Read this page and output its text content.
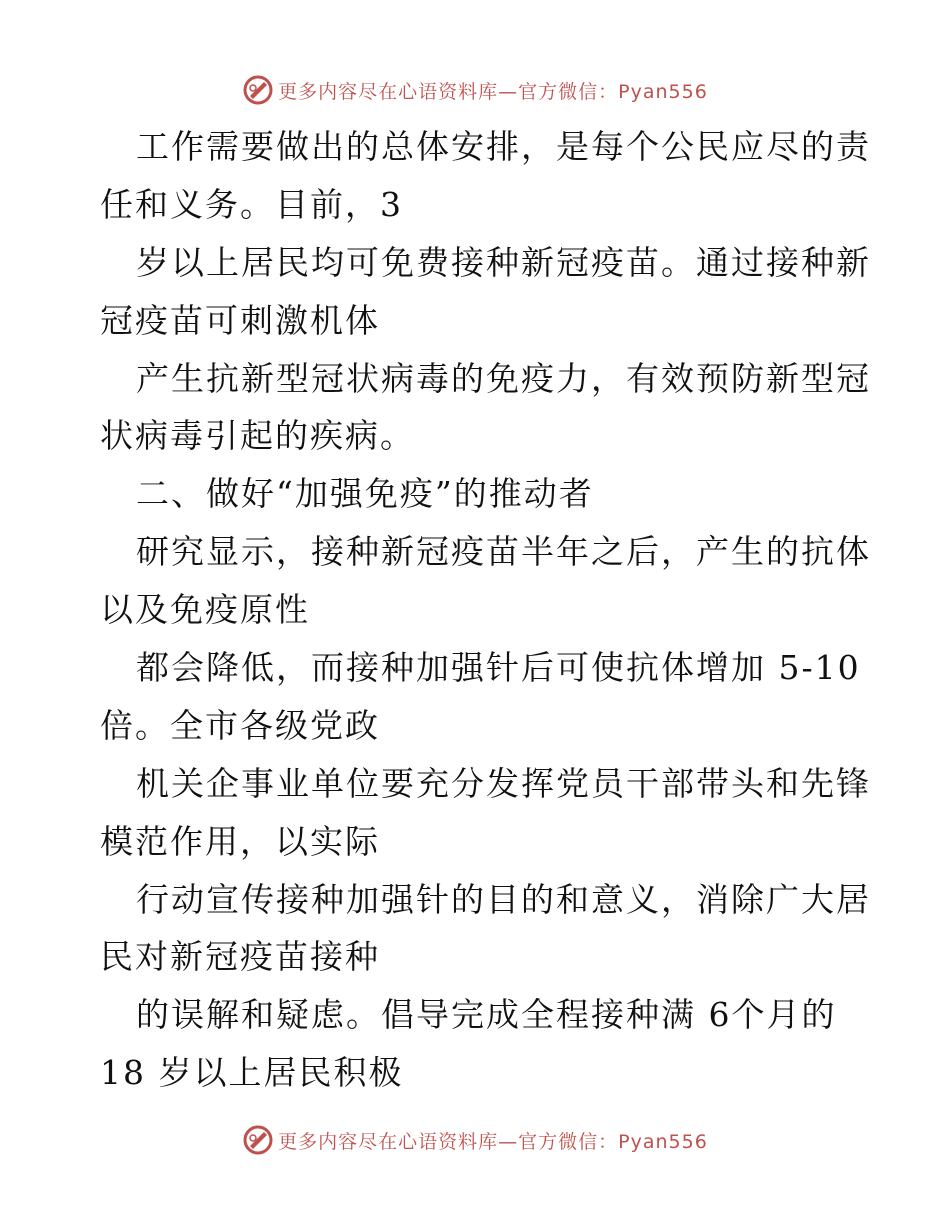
更多内容尽在心语资料库—官方微信：Pyan556
工作需要做出的总体安排，是每个公民应尽的责
任和义务。目前，3
岁以上居民均可免费接种新冠疫苗。通过接种新
冠疫苗可刺激机体
产生抗新型冠状病毒的免疫力，有效预防新型冠
状病毒引起的疾病。
二、做好“加强免疫”的推动者
研究显示，接种新冠疫苗半年之后，产生的抗体
以及免疫原性
都会降低，而接种加强针后可使抗体增加 5-10
倍。全市各级党政
机关企事业单位要充分发挥党员干部带头和先锋
模范作用，以实际
行动宣传接种加强针的目的和意义，消除广大居
民对新冠疫苗接种
的误解和疑虑。倡导完成全程接种满 6个月的
18 岁以上居民积极
更多内容尽在心语资料库—官方微信：Pyan556
